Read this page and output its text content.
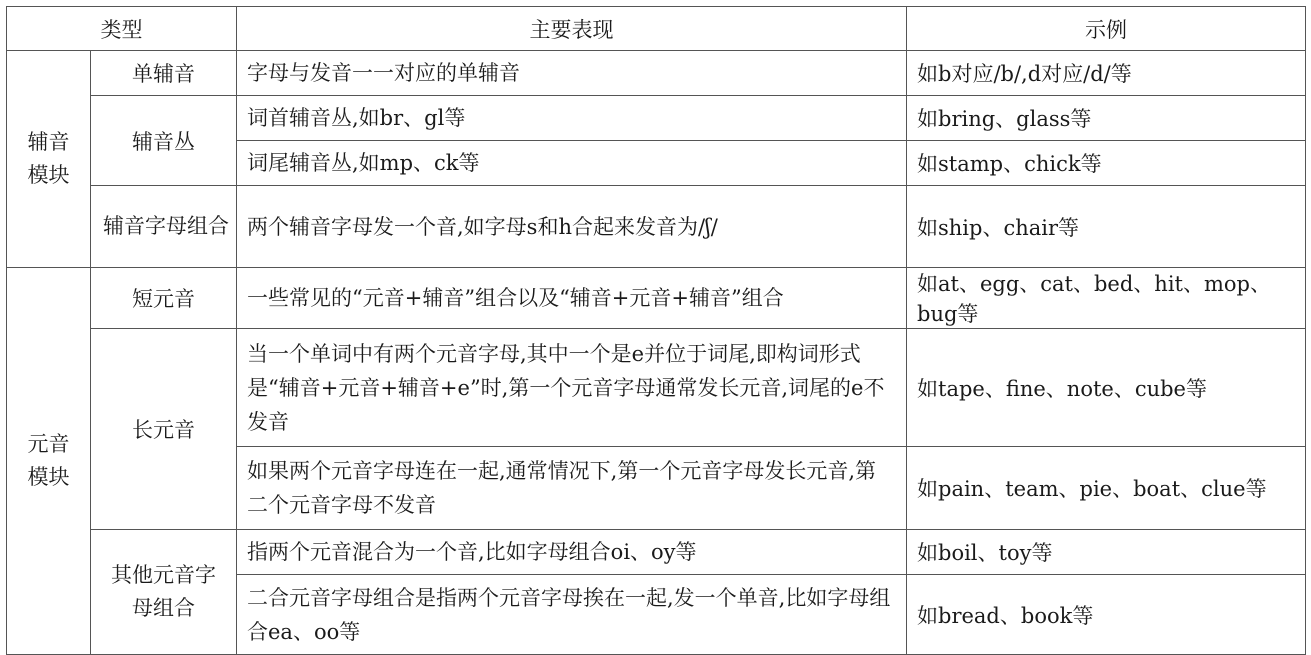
类型		主要表现	示例
辅音模块	单辅音	字母与发音一一对应的单辅音	如b对应/b/,d对应/d/等
	辅音丛	词首辅音丛,如br、gl等	如bring、glass等
		词尾辅音丛,如mp、ck等	如stamp、chick等
	辅音字母组合	两个辅音字母发一个音,如字母s和h合起来发音为/ʃ/	如ship、chair等
元音模块	短元音	一些常见的“元音+辅音”组合以及“辅音+元音+辅音”组合	如at、egg、cat、bed、hit、mop、bug等
	长元音	当一个单词中有两个元音字母,其中一个是e并位于词尾,即构词形式是“辅音+元音+辅音+e”时,第一个元音字母通常发长元音,词尾的e不发音	如tape、fine、note、cube等
		如果两个元音字母连在一起,通常情况下,第一个元音字母发长元音,第二个元音字母不发音	如pain、team、pie、boat、clue等
	其他元音字母组合	指两个元音混合为一个音,比如字母组合oi、oy等	如boil、toy等
		二合元音字母组合是指两个元音字母挨在一起,发一个单音,比如字母组合ea、oo等	如bread、book等
